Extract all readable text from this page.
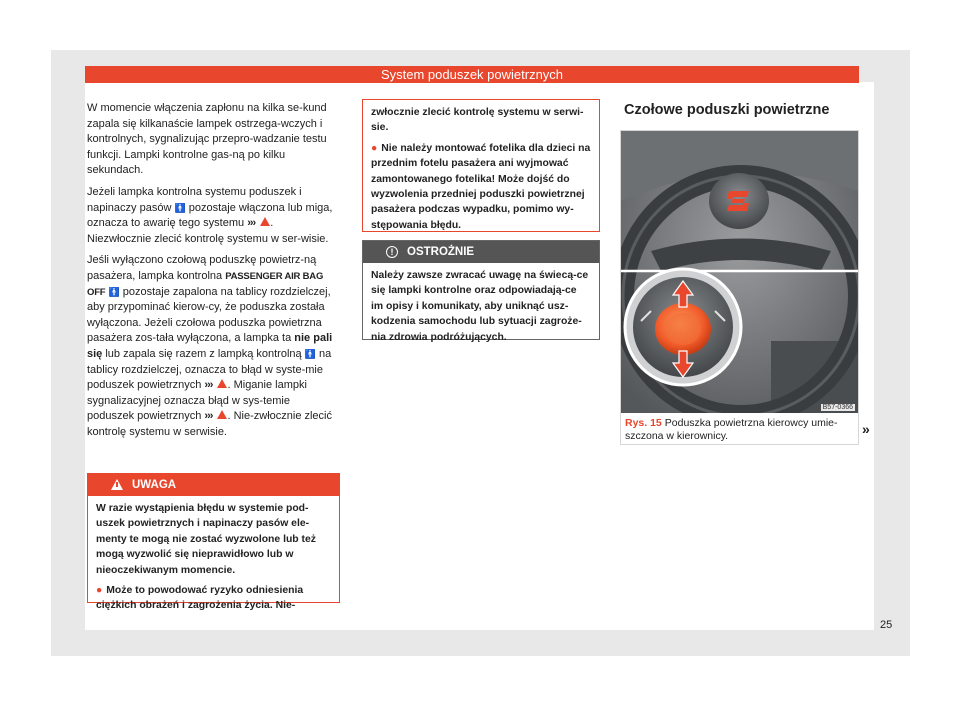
System poduszek powietrznych

W momencie włączenia zapłonu na kilka se-kund zapala się kilkanaście lampek ostrzega-wczych i kontrolnych, sygnalizując przepro-wadzanie testu funkcji. Lampki kontrolne gas-ną po kilku sekundach.

Jeżeli lampka kontrolna systemu poduszek i napinaczy pasów 🚹 pozostaje włączona lub miga, oznacza to awarię tego systemu ››› . Niezwłocznie zlecić kontrolę systemu w ser-wisie.

Jeśli wyłączono czołową poduszkę powietrz-ną pasażera, lampka kontrolna PASSENGER AIR BAG OFF 🚹 pozostaje zapalona na tablicy rozdzielczej, aby przypominać kierow-cy, że poduszka została wyłączona. Jeżeli czołowa poduszka powietrzna pasażera zos-tała wyłączona, a lampka ta nie pali się lub zapala się razem z lampką kontrolną 🚹 na tablicy rozdzielczej, oznacza to błąd w syste-mie poduszek powietrznych ››› . Miganie lampki sygnalizacyjnej oznacza błąd w sys-temie poduszek powietrznych ››› . Nie-zwłocznie zlecić kontrolę systemu w serwisie.

UWAGA

W razie wystąpienia błędu w systemie pod-uszek powietrznych i napinaczy pasów ele-menty te mogą nie zostać wyzwolone lub też mogą wyzwolić się nieprawidłowo lub w nieoczekiwanym momencie.

● Może to powodować ryzyko odniesienia ciężkich obrażeń i zagrożenia życia. Nie-

zwłocznie zlecić kontrolę systemu w serwi-sie.

● Nie należy montować fotelika dla dzieci na przednim fotelu pasażera ani wyjmować zamontowanego fotelika! Może dojść do wyzwolenia przedniej poduszki powietrznej pasażera podczas wypadku, pomimo wy-stępowania błędu.

!	OSTROŻNIE

Należy zawsze zwracać uwagę na świecą-ce się lampki kontrolne oraz odpowiadają-ce im opisy i komunikaty, aby uniknąć usz-kodzenia samochodu lub sytuacji zagroże-nia zdrowia podróżujących.

Czołowe poduszki powietrzne
B57-0366
Rys. 15 Poduszka powietrzna kierowcy umie-szczona w kierownicy.	»
25
